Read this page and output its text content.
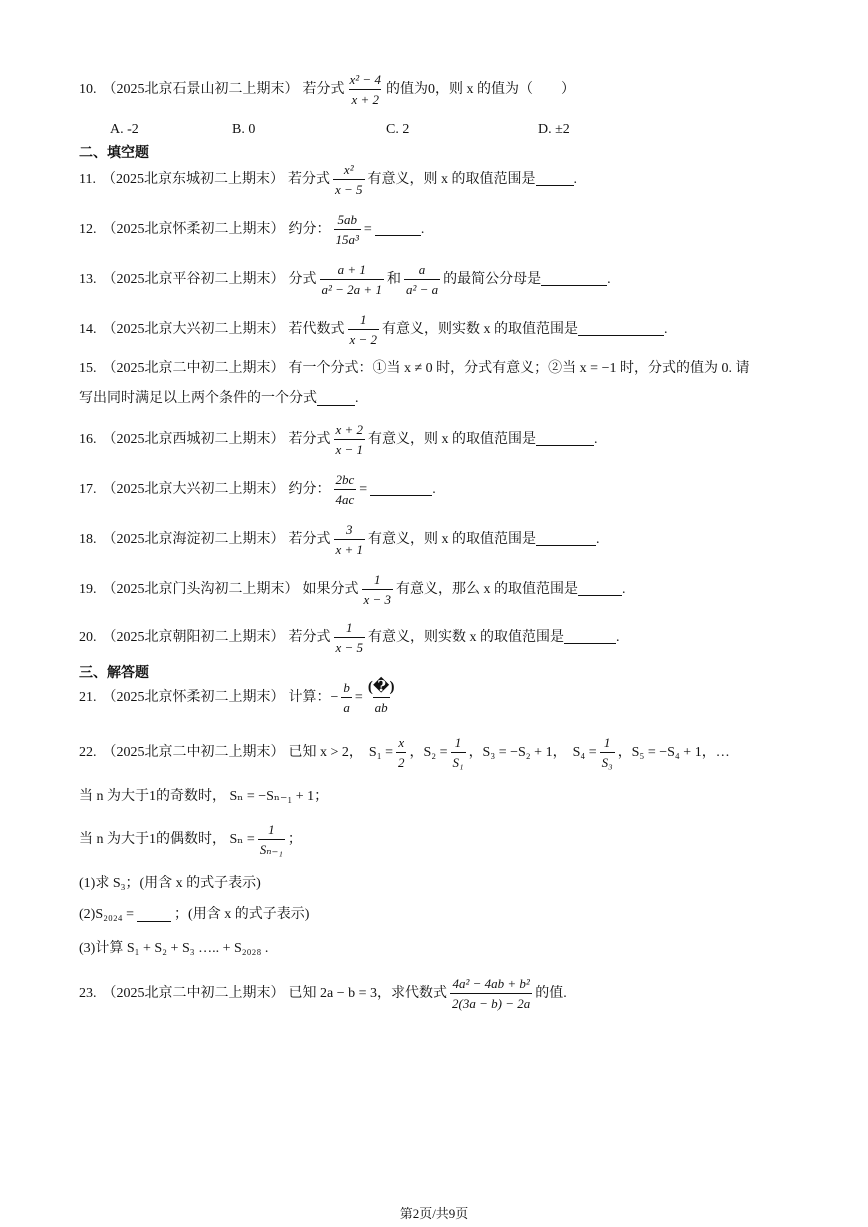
10. （2025北京石景山初二上期末） 若分式 $\frac{\text{x² − 4}}{x + 2}$ 的值为0，则 x 的值为（　　）
A. -2	B. 0	C. 2	D. ±2
二、填空题
11. （2025北京东城初二上期末） 若分式 $\frac{\text{x²}}{x - 5}$ 有意义，则 x 的取值范围是	.
12. （2025北京怀柔初二上期末） 约分： $\frac{5ab}{\text{15a³}}$ =	.
13. （2025北京平谷初二上期末） 分式 $\frac{a + 1}{\text{a² − 2a + 1}}$ 和 $\frac{a}{\text{a² − a}}$ 的最简公分母是	.
14. （2025北京大兴初二上期末） 若代数式 $\frac{1}{x - 2}$ 有意义，则实数 x 的取值范围是	.
15. （2025北京二中初二上期末） 有一个分式：①当 x ≠ 0 时，分式有意义；②当 x = −1 时，分式的值为 0. 请
写出同时满足以上两个条件的一个分式	.
16. （2025北京西城初二上期末） 若分式 $\frac{x + 2}{x - 1}$ 有意义，则 x 的取值范围是	.
17. （2025北京大兴初二上期末） 约分： $\frac{2bc}{4ac}$ =	.
18. （2025北京海淀初二上期末） 若分式 $\frac{3}{x + 1}$ 有意义，则 x 的取值范围是	.
19. （2025北京门头沟初二上期末） 如果分式 $\frac{1}{x - 3}$ 有意义，那么 x 的取值范围是	.
20. （2025北京朝阳初二上期末） 若分式 $\frac{1}{x - 5}$ 有意义，则实数 x 的取值范围是	.
三、解答题
21. （2025北京怀柔初二上期末） 计算：− $\frac{b}{a} = \frac{(�)}{ab}$
22. （2025北京二中初二上期末） 已知 x > 2， $S_1 = \frac{x}{2}$ ，$S_2 = \frac{1}{\text{S₁}}$ ，S₃ = −S₂ + 1， $S_4 = \frac{1}{\text{S₃}}$ ，S₅ = −S₄ + 1，…
当 n 为大于1的奇数时， Sₙ = −Sₙ₋₁ + 1；
当 n 为大于1的偶数时， $S_n = \frac{1}{\text{Sₙ₋₁}}$ ；
(1)求 S₃；(用含 x 的式子表示)
(2)S₂₀₂₄ =	；(用含 x 的式子表示)
(3)计算 S₁ + S₂ + S₃ ….. + S₂₀₂₈ .
23. （2025北京二中初二上期末） 已知 2a − b = 3，求代数式 $\frac{\text{4a² − 4ab + b²}}{2(3a - b) - 2a}$ 的值.
第2页/共9页
